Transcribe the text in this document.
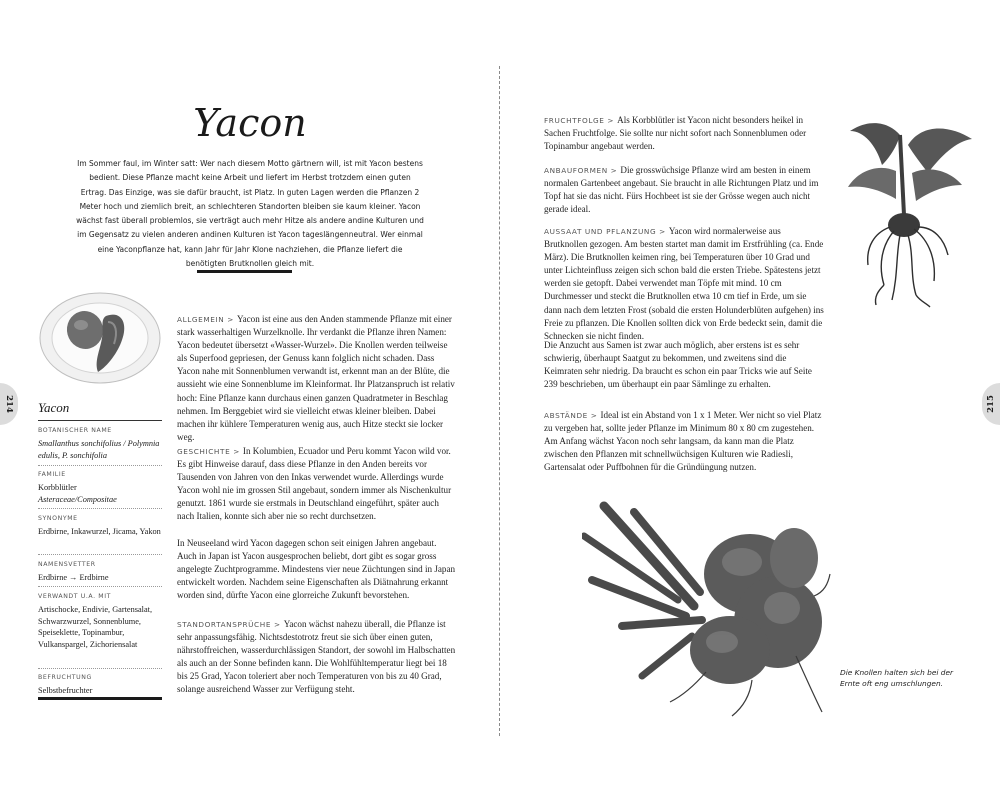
214	215
Yacon
Im Sommer faul, im Winter satt: Wer nach diesem Motto gärtnern will, ist mit Yacon bestens bedient. Diese Pflanze macht keine Arbeit und liefert im Herbst trotzdem einen guten Ertrag. Das Einzige, was sie dafür braucht, ist Platz. In guten Lagen werden die Pflanzen 2 Meter hoch und ziemlich breit, an schlechteren Standorten bleiben sie kaum kleiner. Yacon wächst fast überall problemlos, sie verträgt auch mehr Hitze als andere andine Kulturen und im Gegensatz zu vielen anderen andinen Kulturen ist Yacon tageslängenneutral. Wer einmal eine Yaconpflanze hat, kann Jahr für Jahr Klone nachziehen, die Pflanze liefert die benötigten Brutknollen gleich mit.
Yacon
BOTANISCHER NAME
Smallanthus sonchifolius / Polymnia edulis, P. sonchifolia
FAMILIE
Korbblütler
Asteraceae/Compositae
SYNONYME
Erdbirne, Inkawurzel, Jicama, Yakon
NAMENSVETTER
Erdbirne → Erdbirne
VERWANDT U.A. MIT
Artischocke, Endivie, Gartensalat, Schwarzwurzel, Sonnenblume, Speiseklette, Topinambur, Vulkanspargel, Zichoriensalat
BEFRUCHTUNG
Selbstbefruchter

ALLGEMEIN > Yacon ist eine aus den Anden stammende Pflanze mit einer stark wasserhaltigen Wurzelknolle. Ihr verdankt die Pflanze ihren Namen: Yacon bedeutet übersetzt «Wasser-Wurzel». Die Knollen werden teilweise als Superfood gepriesen, der Genuss kann folglich nicht schaden. Dass Yacon nahe mit Sonnenblumen verwandt ist, erkennt man an der Blüte, die aussieht wie eine Sonnenblume im Kleinformat. Ihr Platzanspruch ist relativ hoch: Eine Pflanze kann durchaus einen ganzen Quadratmeter in Beschlag nehmen. Im Berggebiet wird sie vielleicht etwas kleiner bleiben. Dabei machen ihr kühlere Temperaturen wenig aus, auch Hitze steckt sie locker weg.

GESCHICHTE > In Kolumbien, Ecuador und Peru kommt Yacon wild vor. Es gibt Hinweise darauf, dass diese Pflanze in den Anden bereits vor Tausenden von Jahren von den Inkas verwendet wurde. Allerdings wurde Yacon wohl nie im grossen Stil angebaut, sondern immer als Nischenkultur genutzt. 1861 wurde sie erstmals in Deutschland eingeführt, später auch nach Italien, konnte sich aber nie so recht durchsetzen.

In Neuseeland wird Yacon dagegen schon seit einigen Jahren angebaut. Auch in Japan ist Yacon ausgesprochen beliebt, dort gibt es sogar gross angelegte Zuchtprogramme. Mindestens vier neue Züchtungen sind in Japan entwickelt worden. Nachdem seine Eigenschaften als Diätnahrung erkannt worden sind, dürfte Yacon eine glorreiche Zukunft bevorstehen.

STANDORTANSPRÜCHE > Yacon wächst nahezu überall, die Pflanze ist sehr anpassungsfähig. Nichtsdestotrotz freut sie sich über einen guten, nährstoffreichen, wasserdurchlässigen Standort, der sowohl im Halbschatten als auch an der Sonne befinden kann. Die Wohlfühltemperatur liegt bei 18 bis 25 Grad, Yacon toleriert aber noch Temperaturen von bis zu 40 Grad, solange ausreichend Wasser zur Verfügung steht.

FRUCHTFOLGE > Als Korbblütler ist Yacon nicht besonders heikel in Sachen Fruchtfolge. Sie sollte nur nicht sofort nach Sonnenblumen oder Topinambur angebaut werden.

ANBAUFORMEN > Die grosswüchsige Pflanze wird am besten in einem normalen Gartenbeet angebaut. Sie braucht in alle Richtungen Platz und im Topf hat sie das nicht. Fürs Hochbeet ist sie der Grösse wegen auch nicht gerade ideal.

AUSSAAT UND PFLANZUNG > Yacon wird normalerweise aus Brutknollen gezogen. Am besten startet man damit im Erstfrühling (ca. Ende März). Die Brutknollen keimen ring, bei Temperaturen über 10 Grad und unter Lichteinfluss zeigen sich schon bald die ersten Triebe. Spätestens jetzt werden sie getopft. Dabei verwendet man Töpfe mit mind. 10 cm Durchmesser und steckt die Brutknollen etwa 10 cm tief in Erde, um sie dann nach dem letzten Frost (sobald die ersten Holunderblüten aufgehen) ins Freie zu pflanzen. Die Knollen sollten dick von Erde bedeckt sein, damit die Schnecken sie nicht finden.

Die Anzucht aus Samen ist zwar auch möglich, aber erstens ist es sehr schwierig, überhaupt Saatgut zu bekommen, und zweitens sind die Keimraten sehr niedrig. Da braucht es schon ein paar Tricks wie auf Seite 239 beschrieben, um überhaupt ein paar Sämlinge zu erhalten.

ABSTÄNDE > Ideal ist ein Abstand von 1 x 1 Meter. Wer nicht so viel Platz zu vergeben hat, sollte jeder Pflanze im Minimum 80 x 80 cm zugestehen. Am Anfang wächst Yacon noch sehr langsam, da kann man die Platz zwischen den Pflanzen mit schnellwüchsigen Kulturen wie Radiesli, Gartensalat oder Puffbohnen für die Gründüngung nutzen.

Die Knollen halten sich bei der Ernte oft eng umschlungen.
